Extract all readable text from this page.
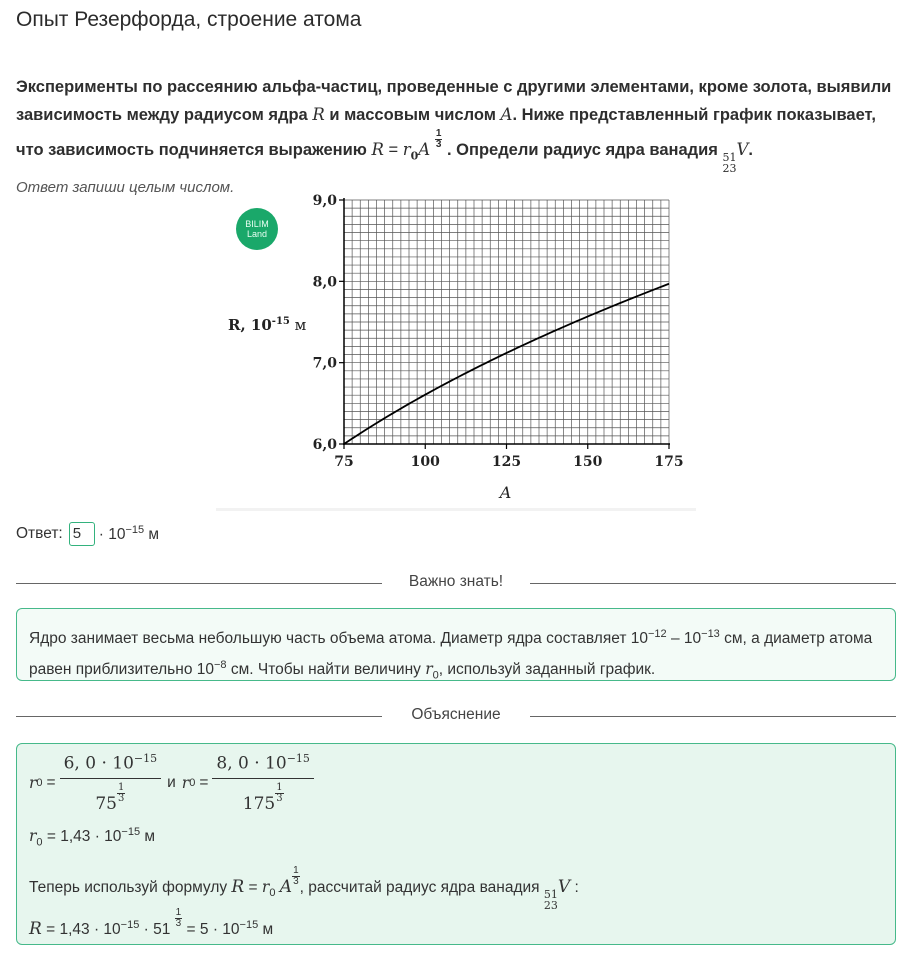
Опыт Резерфорда, строение атома
Эксперименты по рассеянию альфа-частиц, проведенные с другими элементами, кроме золота, выявили зависимость между радиусом ядра R и массовым числом A. Ниже представленный график показывает, что зависимость подчиняется выражению $R = r_0A$ $^{\frac{1}{3}}$ . Определи радиус ядра ванадия 51
23
V.
Ответ запиши целым числом.
6,0
7,0
8,0
9,0
75	100	125	150	175
R, $10^{-15}$ м
A
BILIM
Land
Ответ: 5	· $10^{-15}$ м
Важно знать!
Ядро занимает весьма небольшую часть объема атома. Диаметр ядра составляет $10^{-12} - 10^{-13}$ см, а диаметр атома равен приблизительно $10^{-8}$ см. Чтобы найти величину $r_0$, используй заданный график.
Объяснение
r 0 = 6, $0 \cdot 10^{-15}$
75 $^{\frac{1}{3}}$ и r 0 = 8, $0 \cdot 10^{-15}$
175 $^{\frac{1}{3}}$
$r_0 = 1,43 \cdot 10^{-15}$ м
Теперь используй формулу $R = r_0$ A $^{\frac{1}{3}}$
, рассчитай радиус ядра ванадия 51
23
V :
$R = 1,43 \cdot 10^{-15} \cdot 51$
$^{\frac{1}{3}}$
= $5 \cdot 10^{-15}$ м
